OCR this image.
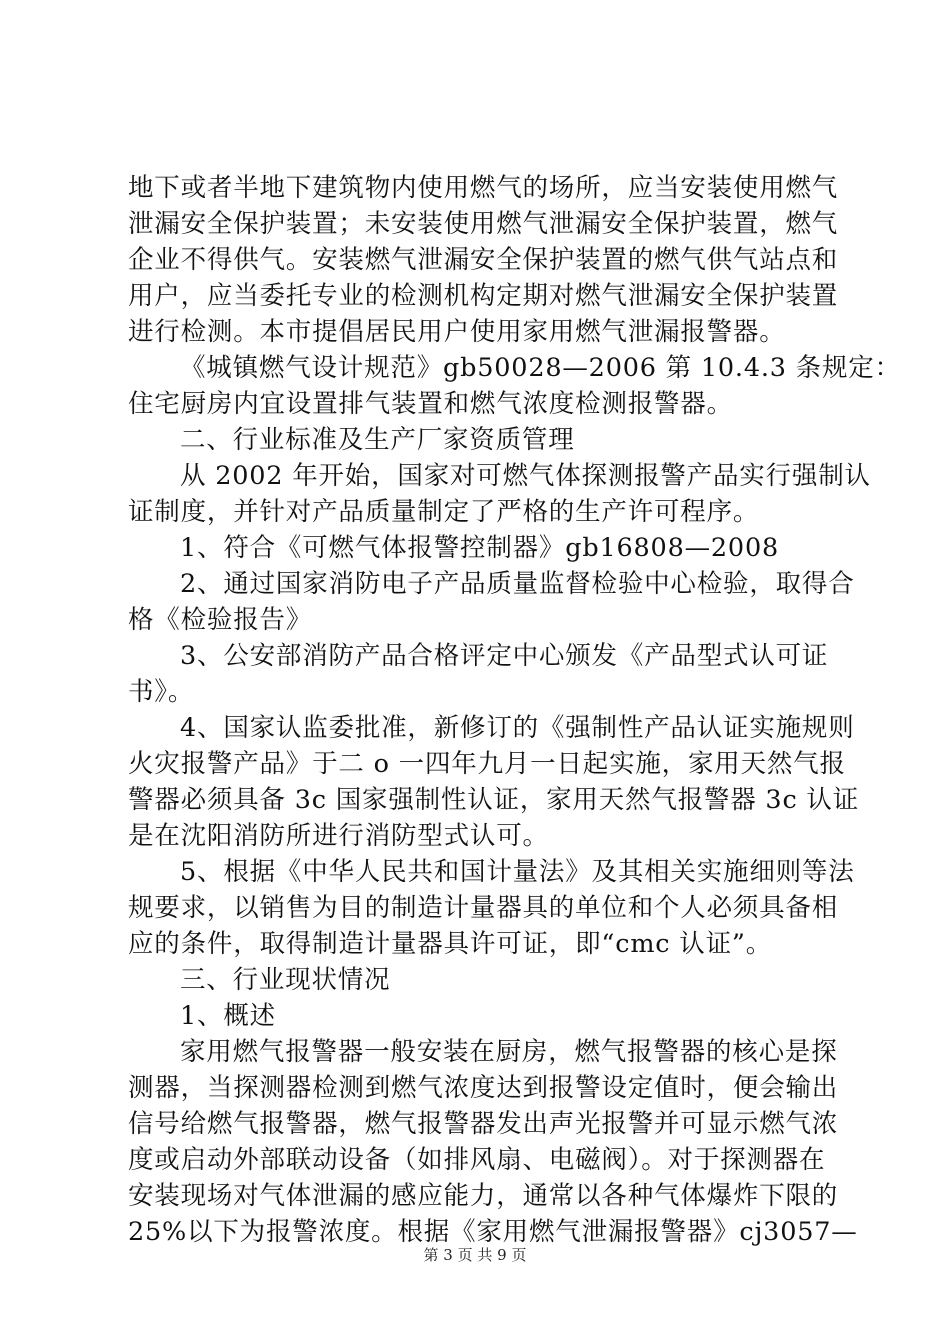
地下或者半地下建筑物内使用燃气的场所，应当安装使用燃气
泄漏安全保护装置；未安装使用燃气泄漏安全保护装置，燃气
企业不得供气。安装燃气泄漏安全保护装置的燃气供气站点和
用户，应当委托专业的检测机构定期对燃气泄漏安全保护装置
进行检测。本市提倡居民用户使用家用燃气泄漏报警器。
《城镇燃气设计规范》gb50028—2006 第 10.4.3 条规定：
住宅厨房内宜设置排气装置和燃气浓度检测报警器。
二、行业标准及生产厂家资质管理
从 2002 年开始，国家对可燃气体探测报警产品实行强制认
证制度，并针对产品质量制定了严格的生产许可程序。
1、符合《可燃气体报警控制器》gb16808—2008
2、通过国家消防电子产品质量监督检验中心检验，取得合
格《检验报告》
3、公安部消防产品合格评定中心颁发《产品型式认可证
书》。
4、国家认监委批准，新修订的《强制性产品认证实施规则
火灾报警产品》于二 o 一四年九月一日起实施，家用天然气报
警器必须具备 3c 国家强制性认证，家用天然气报警器 3c 认证
是在沈阳消防所进行消防型式认可。
5、根据《中华人民共和国计量法》及其相关实施细则等法
规要求，以销售为目的制造计量器具的单位和个人必须具备相
应的条件，取得制造计量器具许可证，即“cmc 认证”。
三、行业现状情况
1、概述
家用燃气报警器一般安装在厨房，燃气报警器的核心是探
测器，当探测器检测到燃气浓度达到报警设定值时，便会输出
信号给燃气报警器，燃气报警器发出声光报警并可显示燃气浓
度或启动外部联动设备（如排风扇、电磁阀）。对于探测器在
安装现场对气体泄漏的感应能力，通常以各种气体爆炸下限的
25%以下为报警浓度。根据《家用燃气泄漏报警器》cj3057—
第 3 页 共 9 页
